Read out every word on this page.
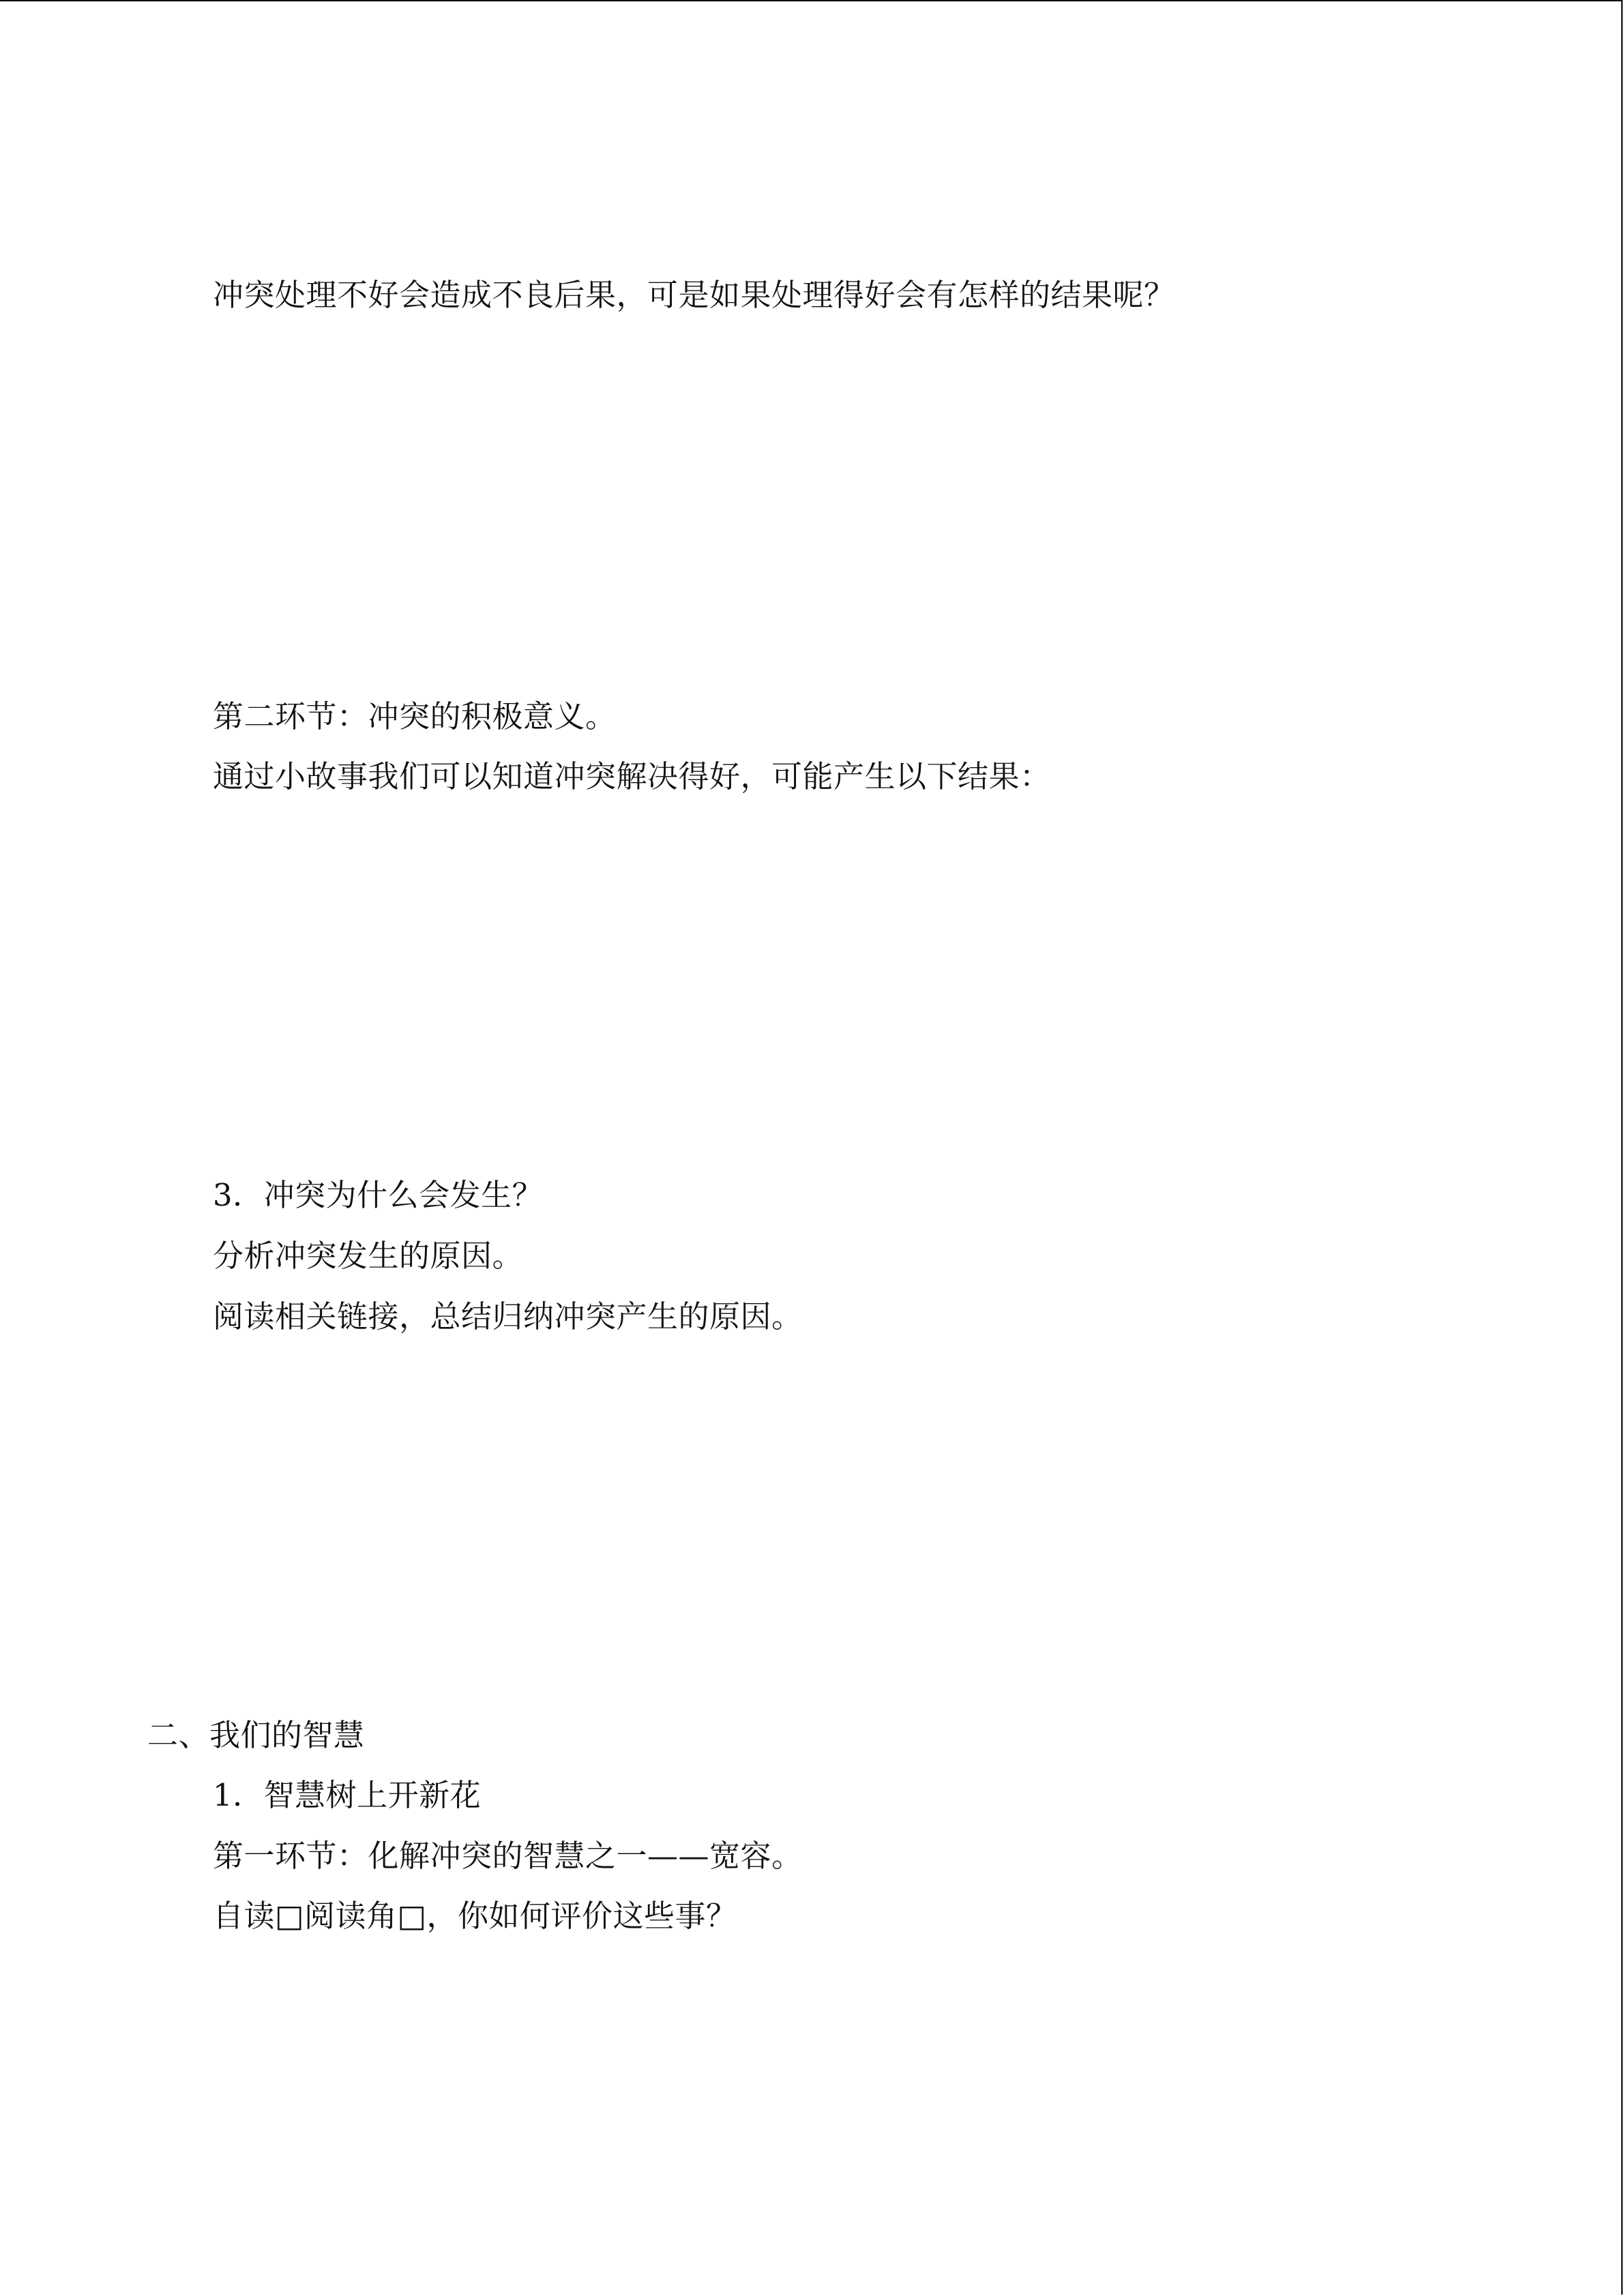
冲突处理不好会造成不良后果，可是如果处理得好会有怎样的结果呢？
第二环节：冲突的积极意义。
通过小故事我们可以知道冲突解决得好，可能产生以下结果：
3．冲突为什么会发生？
分析冲突发生的原因。
阅读相关链接，总结归纳冲突产生的原因。
二、我们的智慧
1．智慧树上开新花
第一环节：化解冲突的智慧之一——宽容。
自读□阅读角□，你如何评价这些事？
